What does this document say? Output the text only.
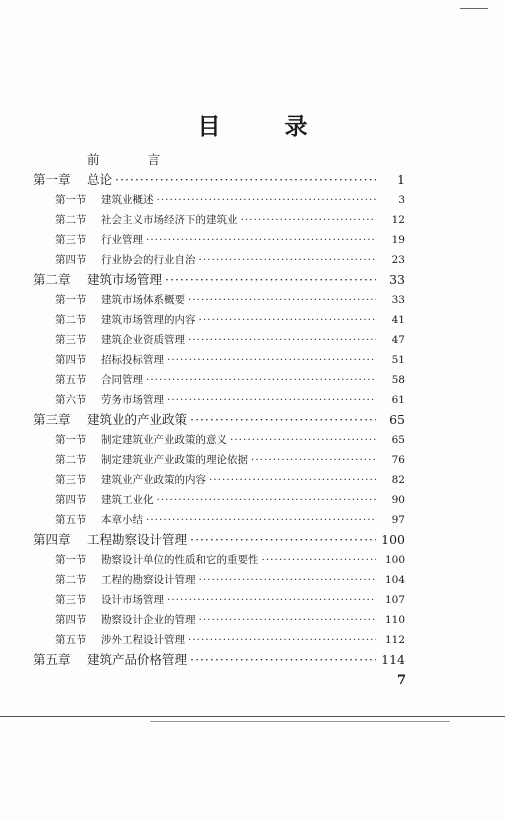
目 录
前 言
第一章	总论 ·····	1
第一节	建筑业概述 ·····	3
第二节	社会主义市场经济下的建筑业 ·····	12
第三节	行业管理 ·····	19
第四节	行业协会的行业自治 ·····	23
第二章	建筑市场管理 ·····	33
第一节	建筑市场体系概要 ·····	33
第二节	建筑市场管理的内容 ·····	41
第三节	建筑企业资质管理 ·····	47
第四节	招标投标管理 ·····	51
第五节	合同管理 ·····	58
第六节	劳务市场管理 ·····	61
第三章	建筑业的产业政策 ·····	65
第一节	制定建筑业产业政策的意义 ·····	65
第二节	制定建筑业产业政策的理论依据 ·····	76
第三节	建筑业产业政策的内容 ·····	82
第四节	建筑工业化 ·····	90
第五节	本章小结 ·····	97
第四章	工程勘察设计管理 ·····	100
第一节	勘察设计单位的性质和它的重要性 ·····	100
第二节	工程的勘察设计管理 ·····	104
第三节	设计市场管理 ·····	107
第四节	勘察设计企业的管理 ·····	110
第五节	涉外工程设计管理 ·····	112
第五章	建筑产品价格管理 ·····	114
7
